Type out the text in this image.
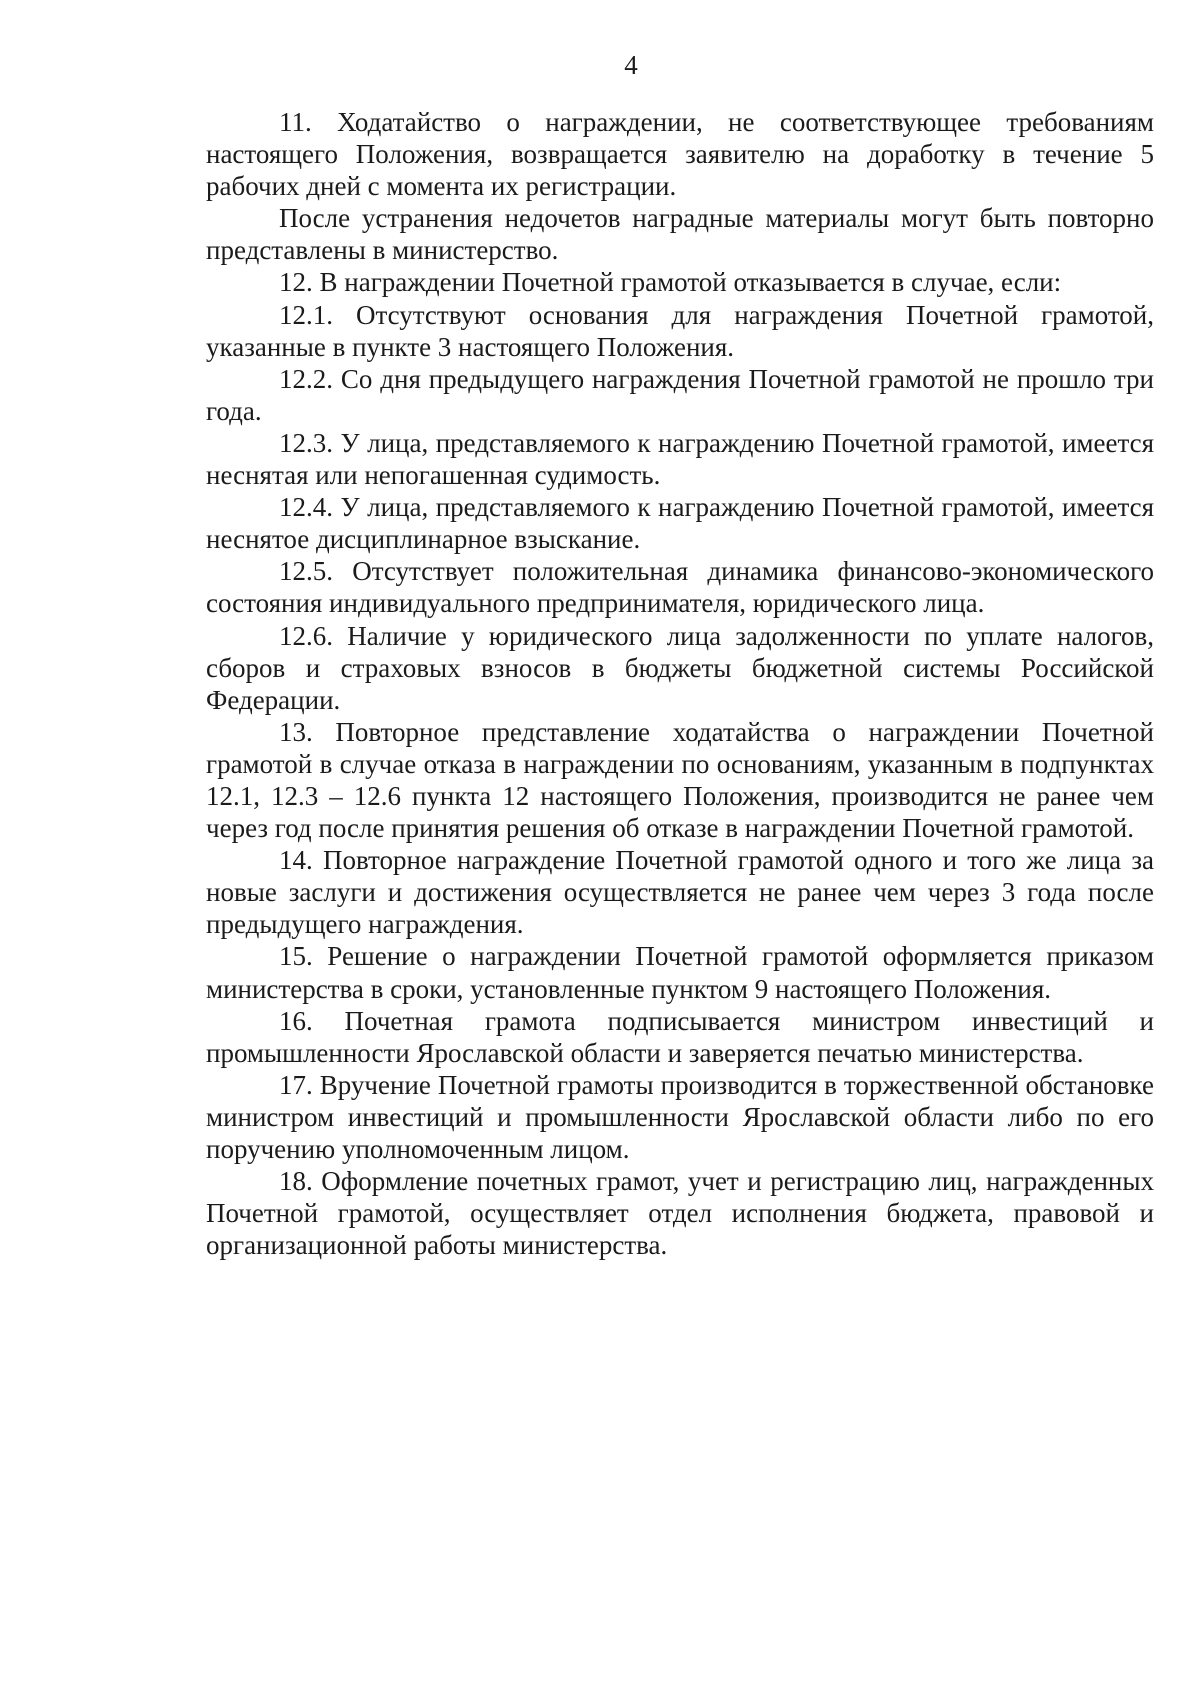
4

11. Ходатайство о награждении, не соответствующее требованиям настоящего Положения, возвращается заявителю на доработку в течение 5 рабочих дней с момента их регистрации.

После устранения недочетов наградные материалы могут быть повторно представлены в министерство.

12. В награждении Почетной грамотой отказывается в случае, если:

12.1. Отсутствуют основания для награждения Почетной грамотой, указанные в пункте 3 настоящего Положения.

12.2. Со дня предыдущего награждения Почетной грамотой не прошло три года.

12.3. У лица, представляемого к награждению Почетной грамотой, имеется неснятая или непогашенная судимость.

12.4. У лица, представляемого к награждению Почетной грамотой, имеется неснятое дисциплинарное взыскание.

12.5. Отсутствует положительная динамика финансово-экономического состояния индивидуального предпринимателя, юридического лица.

12.6. Наличие у юридического лица задолженности по уплате налогов, сборов и страховых взносов в бюджеты бюджетной системы Российской Федерации.

13. Повторное представление ходатайства о награждении Почетной грамотой в случае отказа в награждении по основаниям, указанным в подпунктах 12.1, 12.3 – 12.6 пункта 12 настоящего Положения, производится не ранее чем через год после принятия решения об отказе в награждении Почетной грамотой.

14. Повторное награждение Почетной грамотой одного и того же лица за новые заслуги и достижения осуществляется не ранее чем через 3 года после предыдущего награждения.

15. Решение о награждении Почетной грамотой оформляется приказом министерства в сроки, установленные пунктом 9 настоящего Положения.

16. Почетная грамота подписывается министром инвестиций и промышленности Ярославской области и заверяется печатью министерства.

17. Вручение Почетной грамоты производится в торжественной обстановке министром инвестиций и промышленности Ярославской области либо по его поручению уполномоченным лицом.

18. Оформление почетных грамот, учет и регистрацию лиц, награжденных Почетной грамотой, осуществляет отдел исполнения бюджета, правовой и организационной работы министерства.
